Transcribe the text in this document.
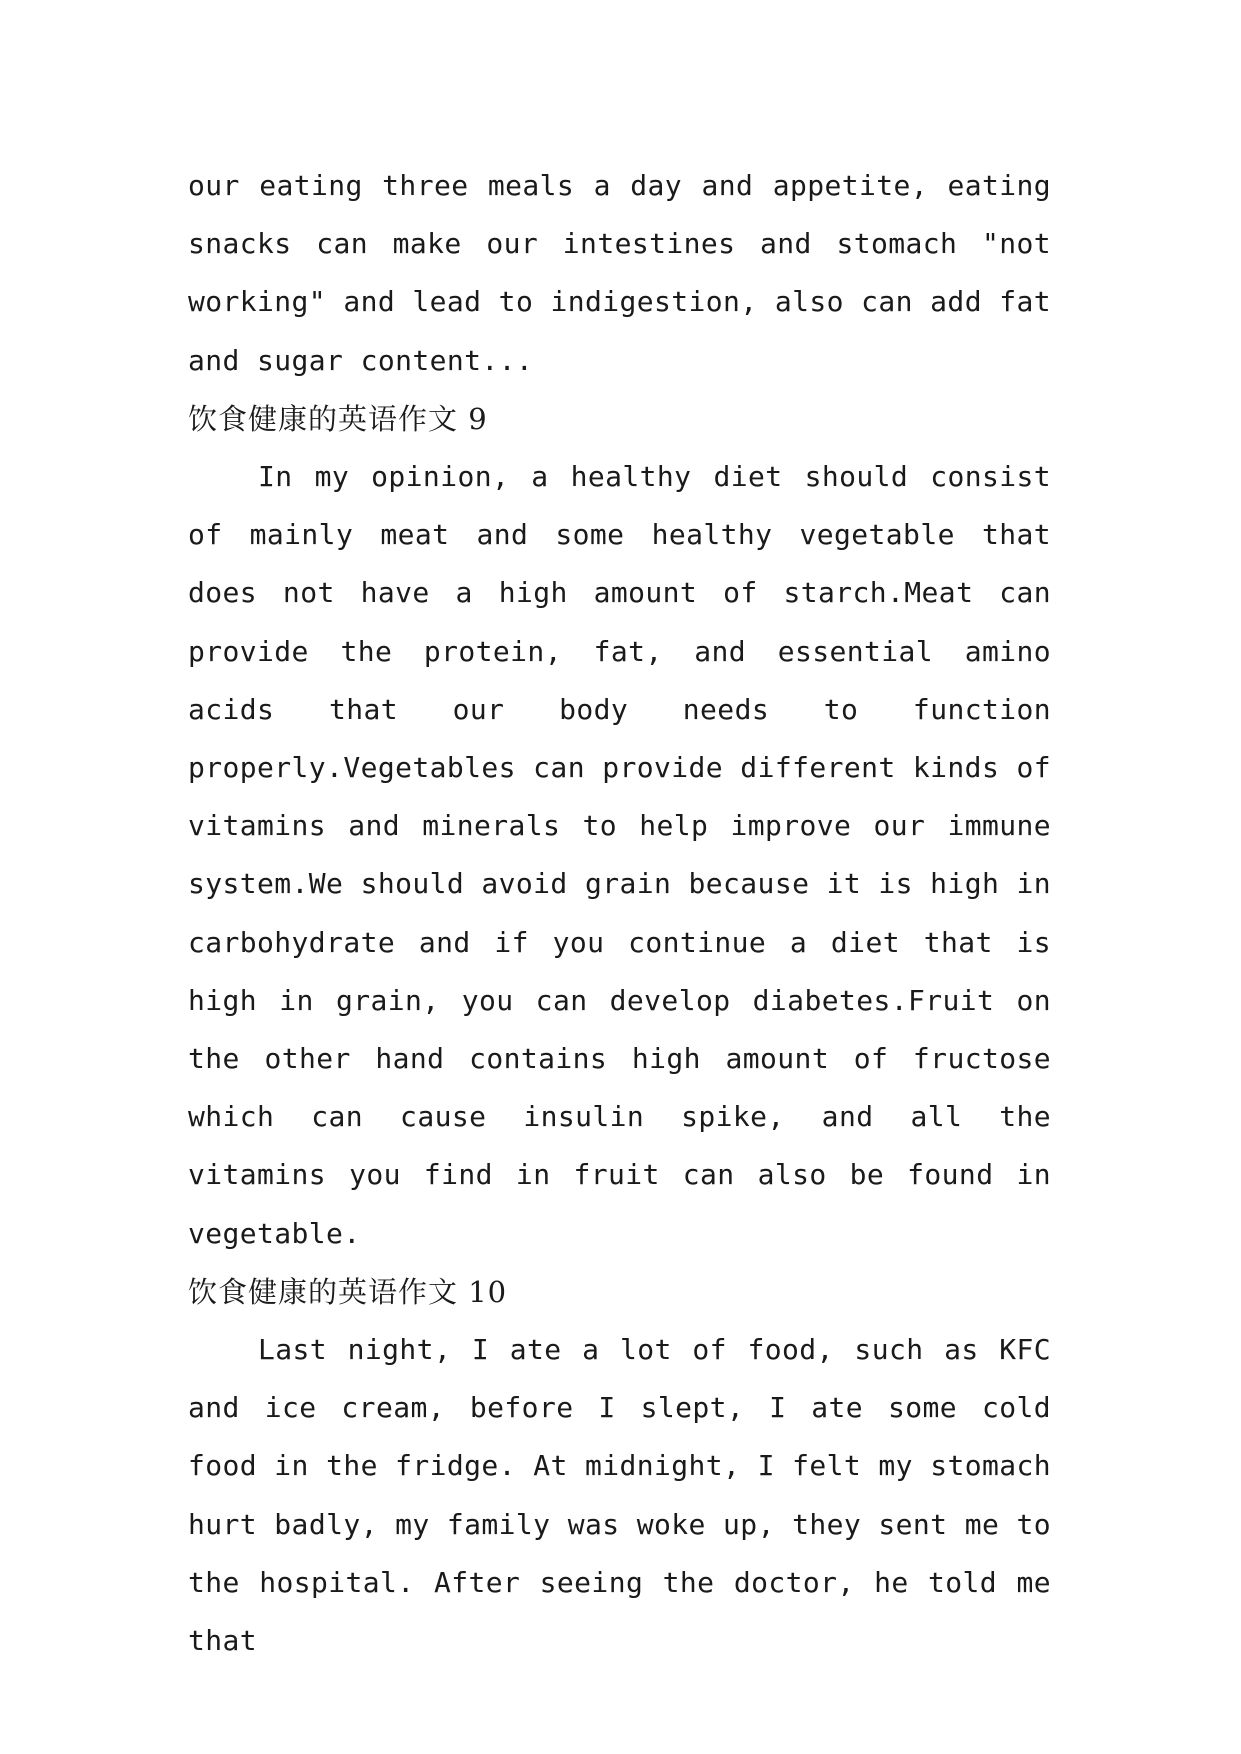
our eating three meals a day and appetite, eating snacks can make our intestines and stomach "not working" and lead to indigestion, also can add fat and sugar content...

饮食健康的英语作文 9

In my opinion, a healthy diet should consist of mainly meat and some healthy vegetable that does not have a high amount of starch.Meat can provide the protein, fat, and essential amino acids that our body needs to function properly.Vegetables can provide different kinds of vitamins and minerals to help improve our immune system.We should avoid grain because it is high in carbohydrate and if you continue a diet that is high in grain, you can develop diabetes.Fruit on the other hand contains high amount of fructose which can cause insulin spike, and all the vitamins you find in fruit can also be found in vegetable.

饮食健康的英语作文 10

Last night, I ate a lot of food, such as KFC and ice cream, before I slept, I ate some cold food in the fridge. At midnight, I felt my stomach hurt badly, my family was woke up, they sent me to the hospital. After seeing the doctor, he told me that
